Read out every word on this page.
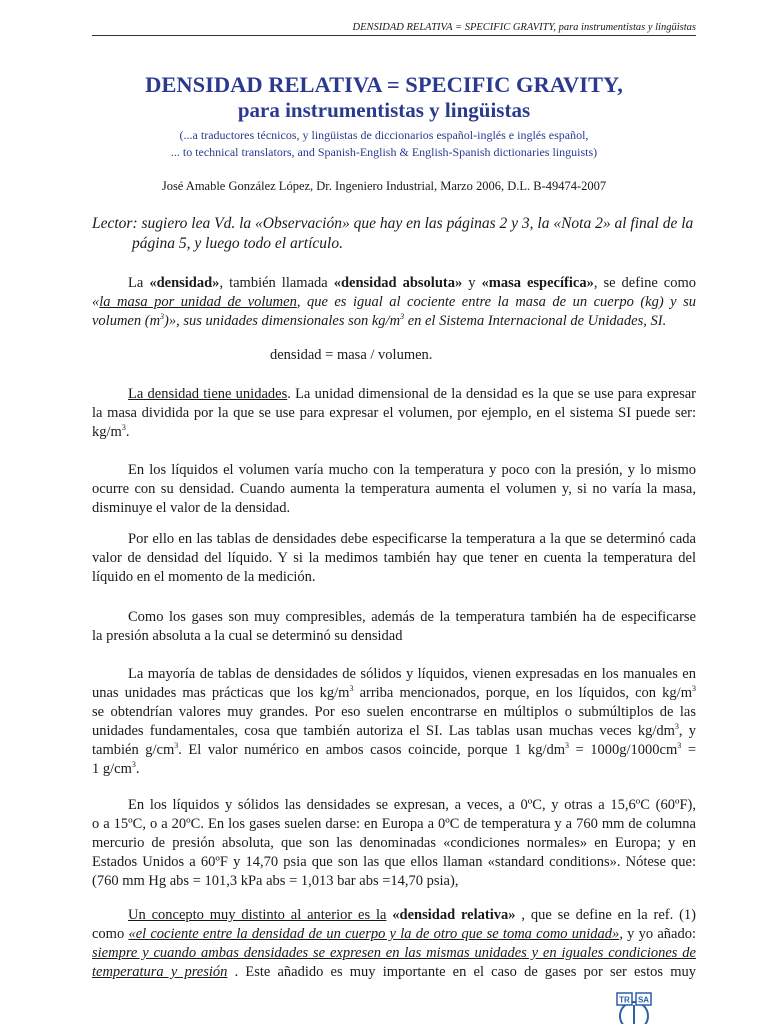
DENSIDAD RELATIVA = SPECIFIC GRAVITY, para instrumentistas y lingüistas
DENSIDAD RELATIVA = SPECIFIC GRAVITY,
para instrumentistas y lingüistas
(...a traductores técnicos, y lingüistas de diccionarios español-inglés e inglés español,
... to technical translators, and Spanish-English & English-Spanish dictionaries linguists)
José Amable González López, Dr. Ingeniero Industrial, Marzo 2006, D.L. B-49474-2007
Lector: sugiero lea Vd. la «Observación» que hay en las páginas 2 y 3, la «Nota 2» al final de la
página 5, y luego todo el artículo.
La «densidad», también llamada «densidad absoluta» y «masa específica», se define como
«la masa por unidad de volumen, que es igual al cociente entre la masa de un cuerpo (kg) y su
volumen $(m^3)$», sus unidades dimensionales son $kg/m^3$ en el Sistema Internacional de Unidades, SI.
densidad = masa / volumen.
La densidad tiene unidades. La unidad dimensional de la densidad es la que se use para expresar
la masa dividida por la que se use para expresar el volumen, por ejemplo, en el sistema SI puede ser:
$kg/m^3$.
En los líquidos el volumen varía mucho con la temperatura y poco con la presión, y lo mismo
ocurre con su densidad. Cuando aumenta la temperatura aumenta el volumen y, si no varía la masa,
disminuye el valor de la densidad.
Por ello en las tablas de densidades debe especificarse la temperatura a la que se determinó cada
valor de densidad del líquido. Y si la medimos también hay que tener en cuenta la temperatura del
líquido en el momento de la medición.
Como los gases son muy compresibles, además de la temperatura también ha de especificarse
la presión absoluta a la cual se determinó su densidad
La mayoría de tablas de densidades de sólidos y líquidos, vienen expresadas en los manuales en
unas unidades mas prácticas que los $kg/m^3$ arriba mencionados, porque, en los líquidos, con $kg/m^3$
se obtendrían valores muy grandes. Por eso suelen encontrarse en múltiplos o submúltiplos de las
unidades fundamentales, cosa que también autoriza el SI. Las tablas usan muchas veces $kg/dm^3$, y
también $g/cm^3$. El valor numérico en ambos casos coincide, porque 1 $kg/dm^3 = 1000g/1000cm^3$ =
1 $g/cm^3$.
En los líquidos y sólidos las densidades se expresan, a veces, a 0ºC, y otras a 15,6ºC (60ºF),
o a 15ºC, o a 20ºC. En los gases suelen darse: en Europa a 0ºC de temperatura y a 760 mm de columna
mercurio de presión absoluta, que son las denominadas «condiciones normales» en Europa; y en
Estados Unidos a 60ºF y 14,70 psia que son las que ellos llaman «standard conditions». Nótese que:
(760 mm Hg abs = 101,3 kPa abs = 1,013 bar abs =14,70 psia),
Un concepto muy distinto al anterior es la «densidad relativa» , que se define en la ref. (1)
como «el cociente entre la densidad de un cuerpo y la de otro que se toma como unidad», y yo añado:
siempre y cuando ambas densidades se expresen en las mismas unidades y en iguales condiciones de
temperatura y presión . Este añadido es muy importante en el caso de gases por ser estos muy
TR SA
